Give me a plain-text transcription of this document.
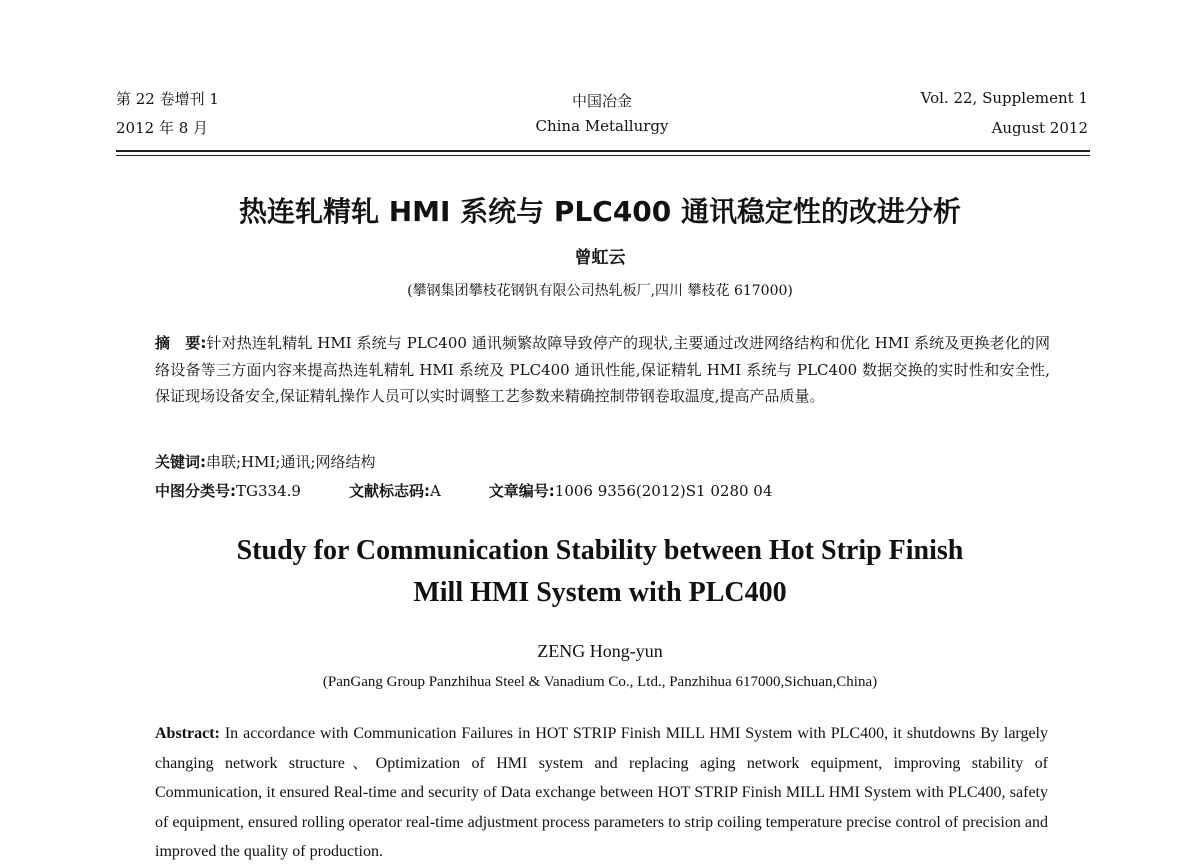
第 22 卷增刊 1
2012 年 8 月
中国冶金
China Metallurgy
Vol. 22, Supplement 1
August 2012
热连轧精轧 HMI 系统与 PLC400 通讯稳定性的改进分析
曾虹云
(攀钢集团攀枝花钢钒有限公司热轧板厂,四川 攀枝花 617000)
摘　要:针对热连轧精轧 HMI 系统与 PLC400 通讯频繁故障导致停产的现状,主要通过改进网络结构和优化 HMI 系统及更换老化的网络设备等三方面内容来提高热连轧精轧 HMI 系统及 PLC400 通讯性能,保证精轧 HMI 系统与 PLC400 数据交换的实时性和安全性,保证现场设备安全,保证精轧操作人员可以实时调整工艺参数来精确控制带钢卷取温度,提高产品质量。
关键词:串联;HMI;通讯;网络结构
中图分类号:TG334.9	文献标志码:A	文章编号:1006 9356(2012)S1 0280 04
Study for Communication Stability between Hot Strip Finish
Mill HMI System with PLC400
ZENG Hong-yun
(PanGang Group Panzhihua Steel & Vanadium Co., Ltd., Panzhihua 617000,Sichuan,China)
Abstract: In accordance with Communication Failures in HOT STRIP Finish MILL HMI System with PLC400, it shutdowns By largely changing network structure、Optimization of HMI system and replacing aging network equipment, improving stability of Communication, it ensured Real-time and security of Data exchange between HOT STRIP Finish MILL HMI System with PLC400, safety of equipment, ensured rolling operator real-time adjustment process parameters to strip coiling temperature precise control of precision and improved the quality of production.
